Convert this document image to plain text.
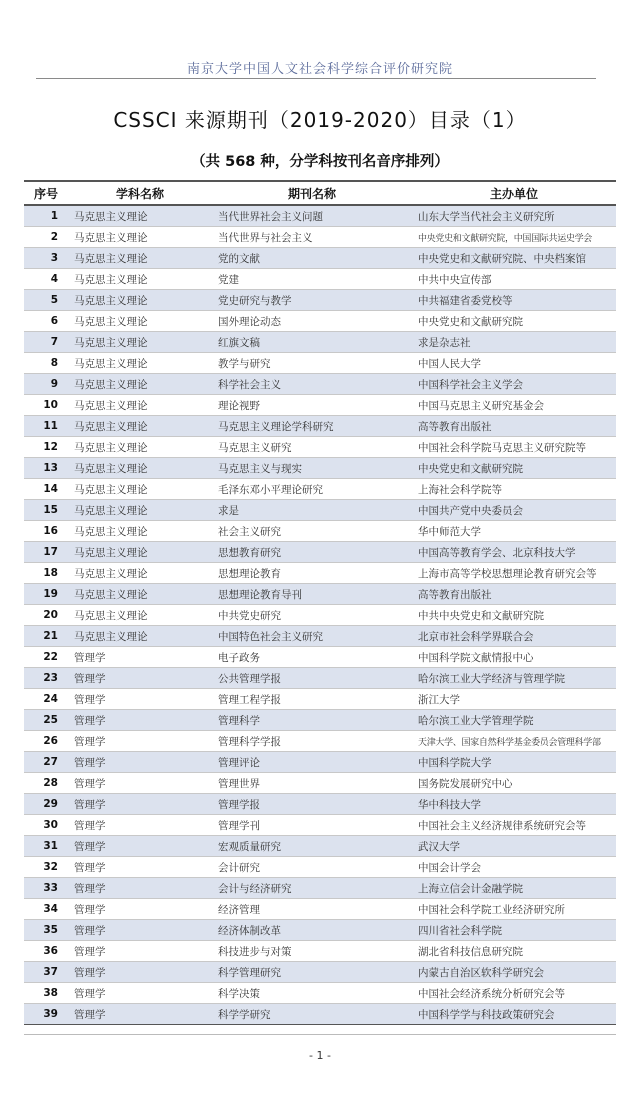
南京大学中国人文社会科学综合评价研究院
CSSCI 来源期刊（2019-2020）目录（1）
（共 568 种，分学科按刊名音序排列）
序号	学科名称	期刊名称	主办单位
1	马克思主义理论	当代世界社会主义问题	山东大学当代社会主义研究所
2	马克思主义理论	当代世界与社会主义	中央党史和文献研究院，中国国际共运史学会
3	马克思主义理论	党的文献	中央党史和文献研究院、中央档案馆
4	马克思主义理论	党建	中共中央宣传部
5	马克思主义理论	党史研究与教学	中共福建省委党校等
6	马克思主义理论	国外理论动态	中央党史和文献研究院
7	马克思主义理论	红旗文稿	求是杂志社
8	马克思主义理论	教学与研究	中国人民大学
9	马克思主义理论	科学社会主义	中国科学社会主义学会
10	马克思主义理论	理论视野	中国马克思主义研究基金会
11	马克思主义理论	马克思主义理论学科研究	高等教育出版社
12	马克思主义理论	马克思主义研究	中国社会科学院马克思主义研究院等
13	马克思主义理论	马克思主义与现实	中央党史和文献研究院
14	马克思主义理论	毛泽东邓小平理论研究	上海社会科学院等
15	马克思主义理论	求是	中国共产党中央委员会
16	马克思主义理论	社会主义研究	华中师范大学
17	马克思主义理论	思想教育研究	中国高等教育学会、北京科技大学
18	马克思主义理论	思想理论教育	上海市高等学校思想理论教育研究会等
19	马克思主义理论	思想理论教育导刊	高等教育出版社
20	马克思主义理论	中共党史研究	中共中央党史和文献研究院
21	马克思主义理论	中国特色社会主义研究	北京市社会科学界联合会
22	管理学	电子政务	中国科学院文献情报中心
23	管理学	公共管理学报	哈尔滨工业大学经济与管理学院
24	管理学	管理工程学报	浙江大学
25	管理学	管理科学	哈尔滨工业大学管理学院
26	管理学	管理科学学报	天津大学、国家自然科学基金委员会管理科学部
27	管理学	管理评论	中国科学院大学
28	管理学	管理世界	国务院发展研究中心
29	管理学	管理学报	华中科技大学
30	管理学	管理学刊	中国社会主义经济规律系统研究会等
31	管理学	宏观质量研究	武汉大学
32	管理学	会计研究	中国会计学会
33	管理学	会计与经济研究	上海立信会计金融学院
34	管理学	经济管理	中国社会科学院工业经济研究所
35	管理学	经济体制改革	四川省社会科学院
36	管理学	科技进步与对策	湖北省科技信息研究院
37	管理学	科学管理研究	内蒙古自治区软科学研究会
38	管理学	科学决策	中国社会经济系统分析研究会等
39	管理学	科学学研究	中国科学学与科技政策研究会
- 1 -
